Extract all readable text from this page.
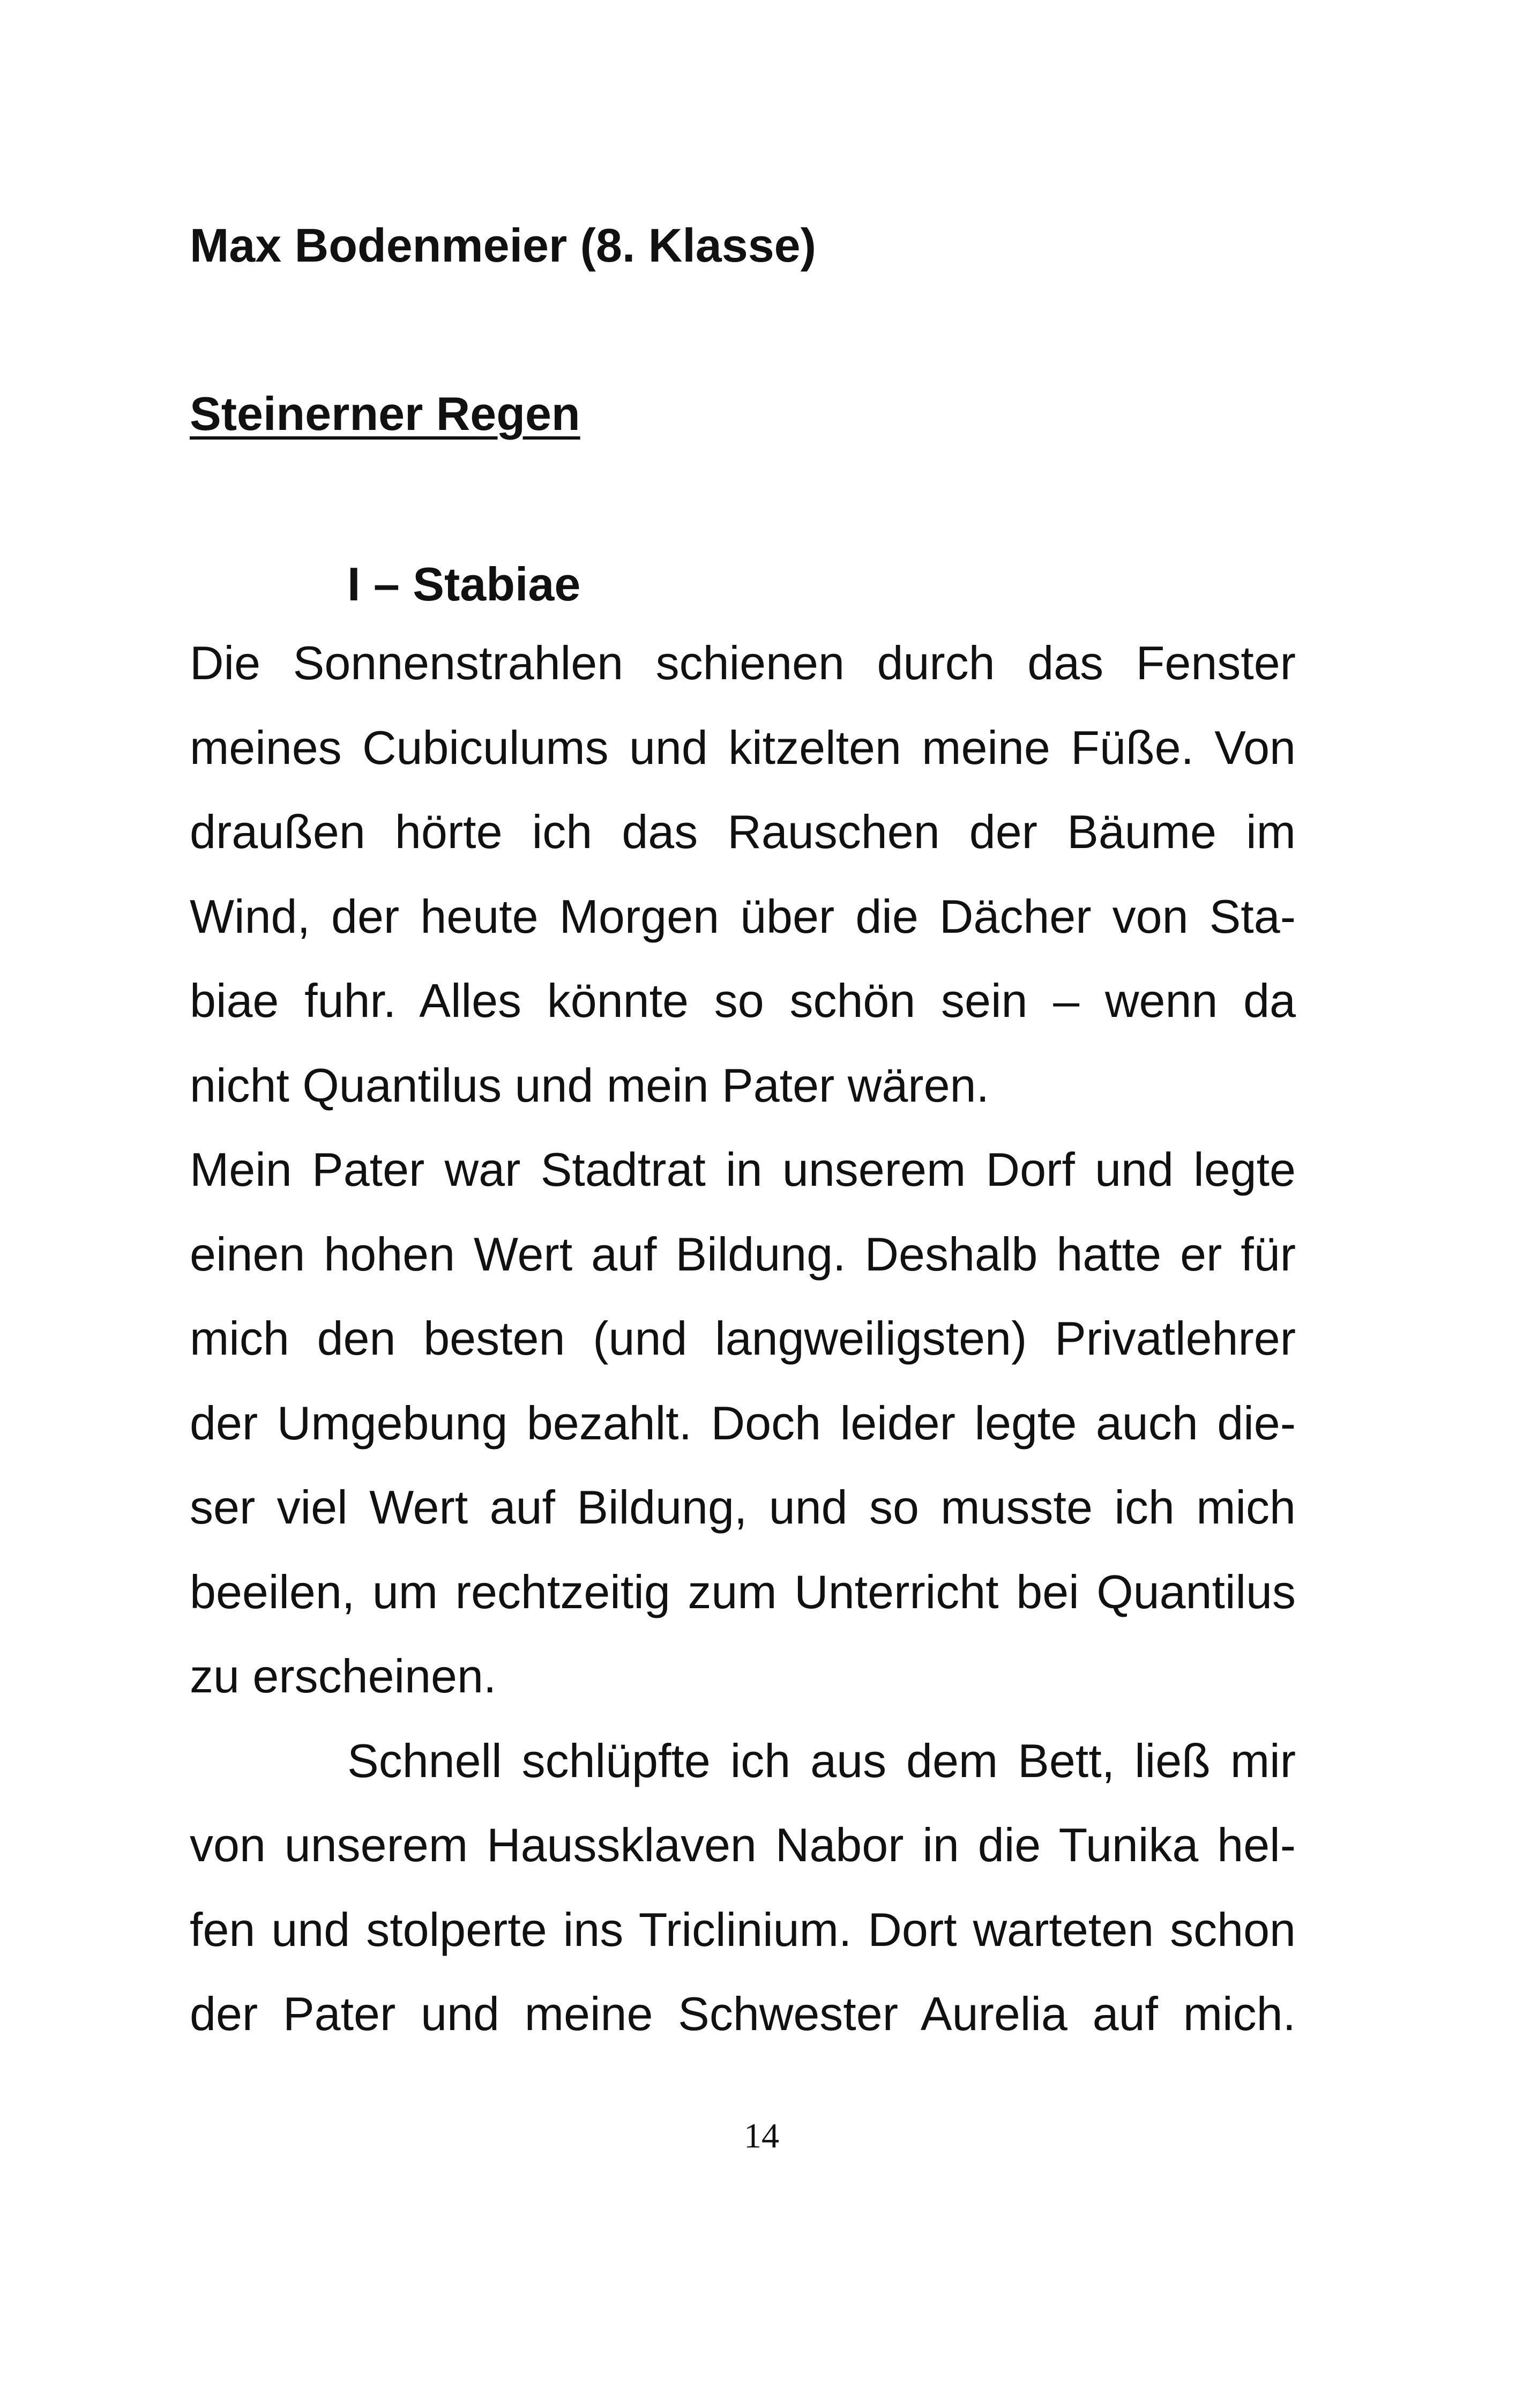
Max Bodenmeier (8. Klasse)
Steinerner Regen
I – Stabiae
Die Sonnenstrahlen schienen durch das Fenster
meines Cubiculums und kitzelten meine Füße. Von
draußen hörte ich das Rauschen der Bäume im
Wind, der heute Morgen über die Dächer von Sta-
biae fuhr. Alles könnte so schön sein – wenn da
nicht Quantilus und mein Pater wären.
Mein Pater war Stadtrat in unserem Dorf und legte
einen hohen Wert auf Bildung. Deshalb hatte er für
mich den besten (und langweiligsten) Privatlehrer
der Umgebung bezahlt. Doch leider legte auch die-
ser viel Wert auf Bildung, und so musste ich mich
beeilen, um rechtzeitig zum Unterricht bei Quantilus
zu erscheinen.
Schnell schlüpfte ich aus dem Bett, ließ mir
von unserem Haussklaven Nabor in die Tunika hel-
fen und stolperte ins Triclinium. Dort warteten schon
der Pater und meine Schwester Aurelia auf mich.
14
